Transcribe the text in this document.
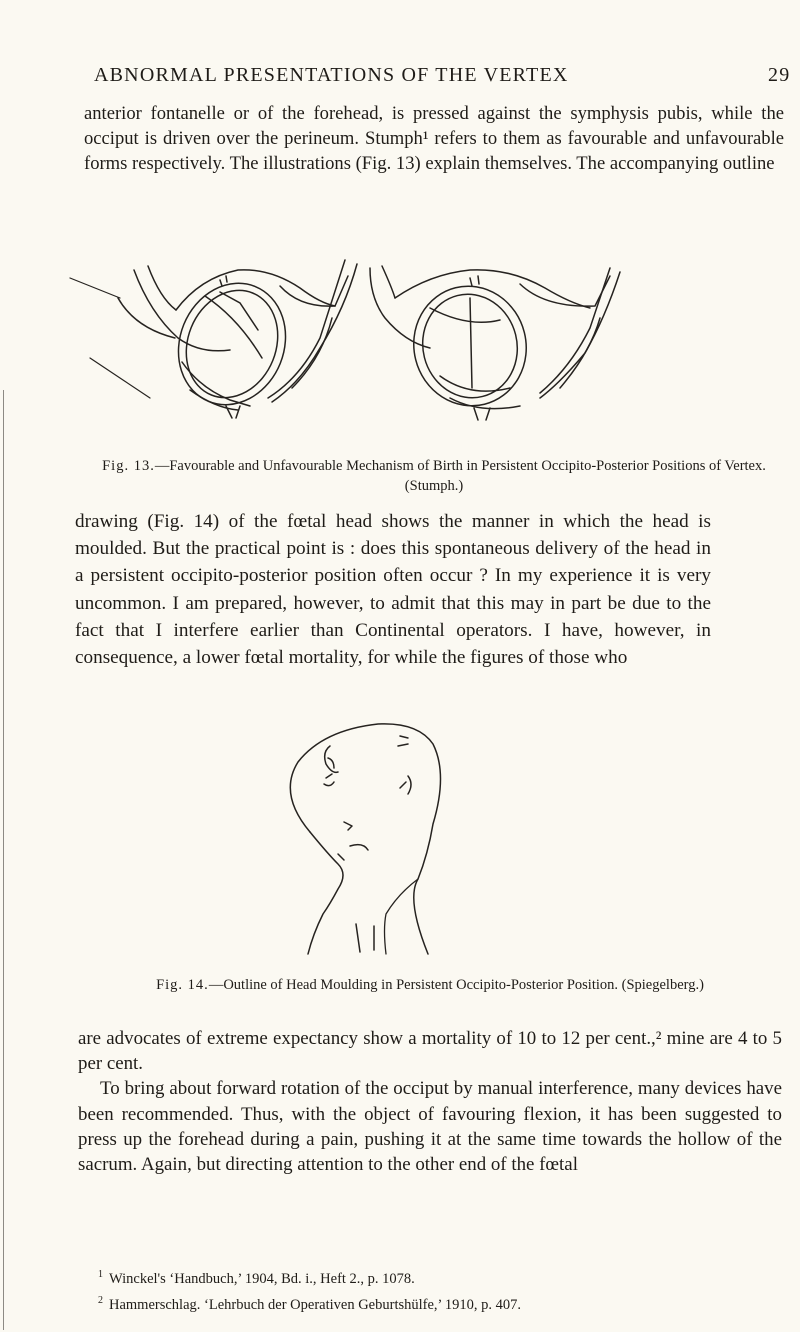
ABNORMAL PRESENTATIONS OF THE VERTEX	29

anterior fontanelle or of the forehead, is pressed against the symphysis pubis, while the occiput is driven over the perineum. Stumph¹ refers to them as favourable and unfavourable forms respectively. The illustrations (Fig. 13) explain themselves. The accompanying outline

Fig. 13.—Favourable and Unfavourable Mechanism of Birth in Persistent Occipito-Posterior Positions of Vertex. (Stumph.)

drawing (Fig. 14) of the fœtal head shows the manner in which the head is moulded. But the practical point is : does this spontaneous delivery of the head in a persistent occipito-posterior position often occur ? In my experience it is very uncommon. I am prepared, however, to admit that this may in part be due to the fact that I interfere earlier than Continental operators. I have, however, in consequence, a lower fœtal mortality, for while the figures of those who

Fig. 14.—Outline of Head Moulding in Persistent Occipito-Posterior Position. (Spiegelberg.)

are advocates of extreme expectancy show a mortality of 10 to 12 per cent.,² mine are 4 to 5 per cent.

To bring about forward rotation of the occiput by manual interference, many devices have been recommended. Thus, with the object of favouring flexion, it has been suggested to press up the forehead during a pain, pushing it at the same time towards the hollow of the sacrum. Again, but directing attention to the other end of the fœtal

$^1$ Winckel's ‘Handbuch,’ 1904, Bd. i., Heft 2., p. 1078.

$^2$ Hammerschlag. ‘Lehrbuch der Operativen Geburtshülfe,’ 1910, p. 407.
